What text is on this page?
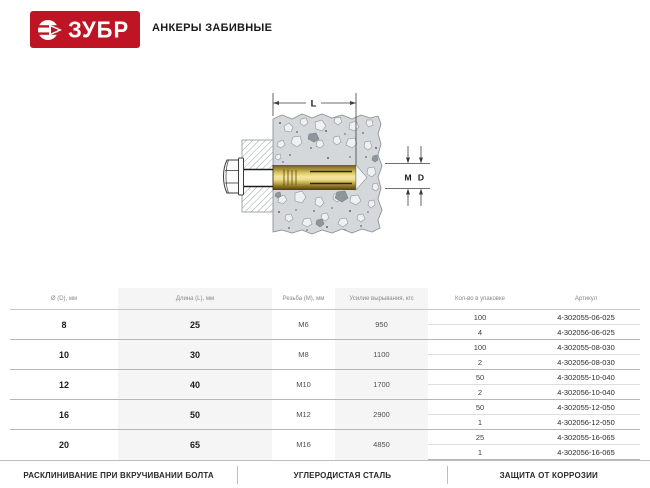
ЗУБР АНКЕРЫ ЗАБИВНЫЕ
L
M D
Ø (D), мм	Длина (L), мм	Резьба (М), мм	Усилие вырывания, кгс	Кол-во в упаковке	Артикул
8	25	М6	950	100	4-302055-06-025
				4	4-302056-06-025
10	30	М8	1100	100	4-302055-08-030
				2	4-302056-08-030
12	40	М10	1700	50	4-302055-10-040
				2	4-302056-10-040
16	50	М12	2900	50	4-302055-12-050
				1	4-302056-12-050
20	65	М16	4850	25	4-302055-16-065
				1	4-302056-16-065
РАСКЛИНИВАНИЕ ПРИ ВКРУЧИВАНИИ БОЛТА	УГЛЕРОДИСТАЯ СТАЛЬ	ЗАЩИТА ОТ КОРРОЗИИ
